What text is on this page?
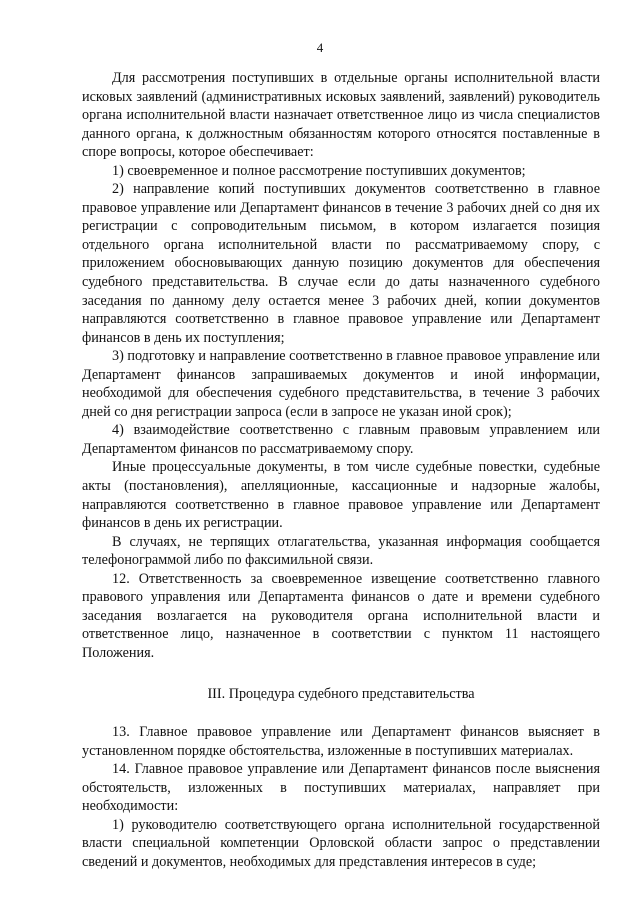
4

Для рассмотрения поступивших в отдельные органы исполнительной власти исковых заявлений (административных исковых заявлений, заявлений) руководитель органа исполнительной власти назначает ответственное лицо из числа специалистов данного органа, к должностным обязанностям которого относятся поставленные в споре вопросы, которое обеспечивает:

1) своевременное и полное рассмотрение поступивших документов;

2) направление копий поступивших документов соответственно в главное правовое управление или Департамент финансов в течение 3 рабочих дней со дня их регистрации с сопроводительным письмом, в котором излагается позиция отдельного органа исполнительной власти по рассматриваемому спору, с приложением обосновывающих данную позицию документов для обеспечения судебного представительства. В случае если до даты назначенного судебного заседания по данному делу остается менее 3 рабочих дней, копии документов направляются соответственно в главное правовое управление или Департамент финансов в день их поступления;

3) подготовку и направление соответственно в главное правовое управление или Департамент финансов запрашиваемых документов и иной информации, необходимой для обеспечения судебного представительства, в течение 3 рабочих дней со дня регистрации запроса (если в запросе не указан иной срок);

4) взаимодействие соответственно с главным правовым управлением или Департаментом финансов по рассматриваемому спору.

Иные процессуальные документы, в том числе судебные повестки, судебные акты (постановления), апелляционные, кассационные и надзорные жалобы, направляются соответственно в главное правовое управление или Департамент финансов в день их регистрации.

В случаях, не терпящих отлагательства, указанная информация сообщается телефонограммой либо по факсимильной связи.

12. Ответственность за своевременное извещение соответственно главного правового управления или Департамента финансов о дате и времени судебного заседания возлагается на руководителя органа исполнительной власти и ответственное лицо, назначенное в соответствии с пунктом 11 настоящего Положения.

III. Процедура судебного представительства

13. Главное правовое управление или Департамент финансов выясняет в установленном порядке обстоятельства, изложенные в поступивших материалах.

14. Главное правовое управление или Департамент финансов после выяснения обстоятельств, изложенных в поступивших материалах, направляет при необходимости:

1) руководителю соответствующего органа исполнительной государственной власти специальной компетенции Орловской области запрос о представлении сведений и документов, необходимых для представления интересов в суде;
